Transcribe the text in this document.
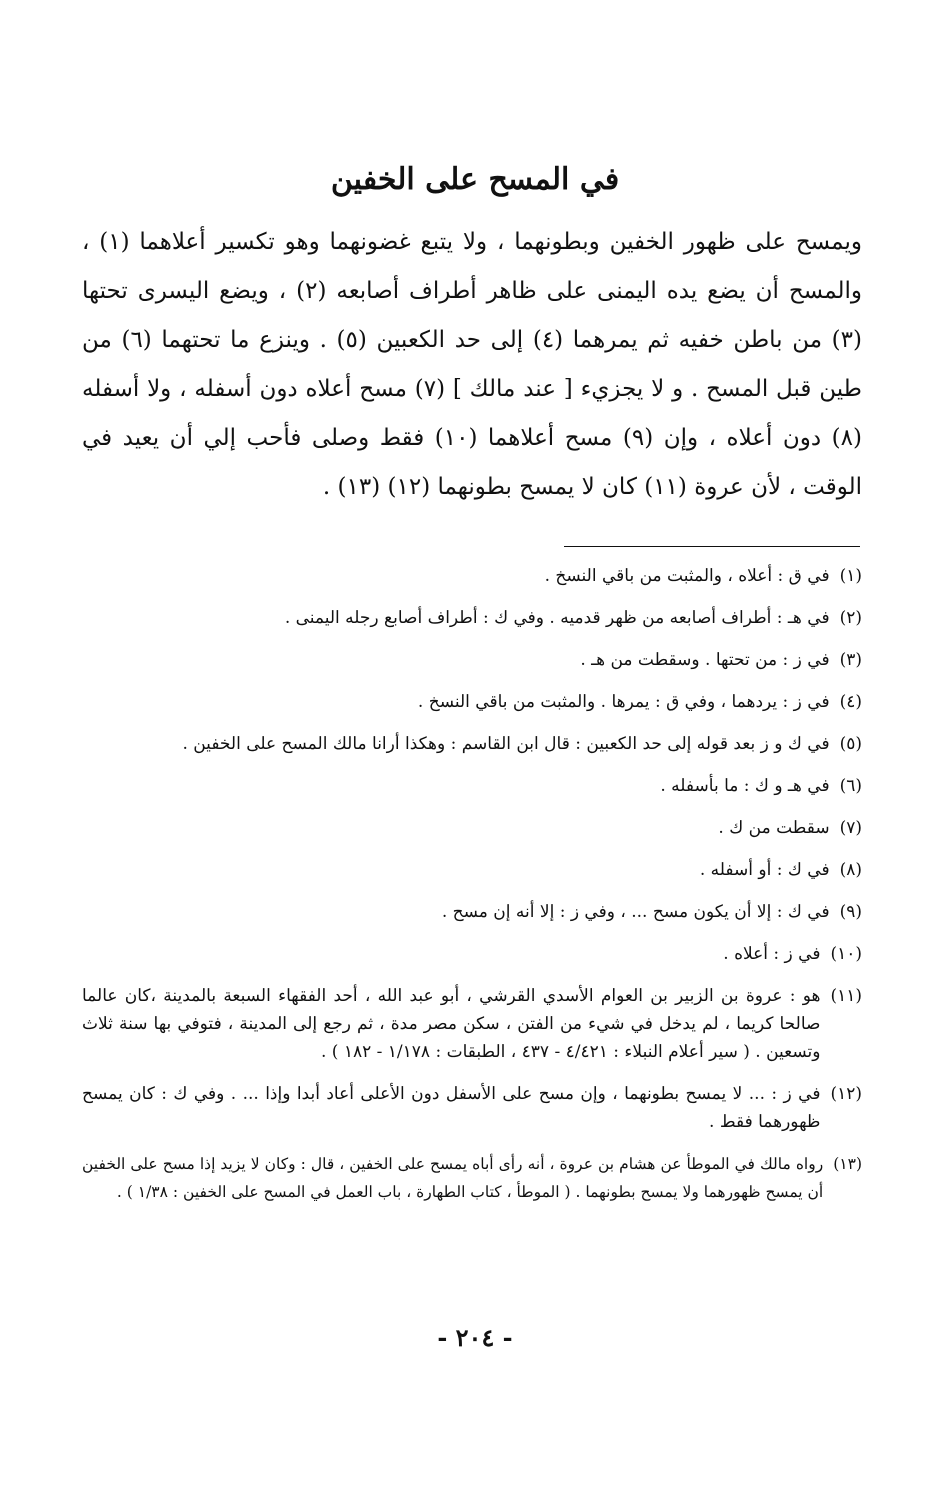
في المسح على الخفين

ويمسح على ظهور الخفين وبطونهما ، ولا يتبع غضونهما وهو تكسير أعلاهما (١) ، والمسح أن يضع يده اليمنى على ظاهر أطراف أصابعه (٢) ، ويضع اليسرى تحتها (٣) من باطن خفيه ثم يمرهما (٤) إلى حد الكعبين (٥) . وينزع ما تحتهما (٦) من طين قبل المسح . و لا يجزيء [ عند مالك ] (٧) مسح أعلاه دون أسفله ، ولا أسفله (٨) دون أعلاه ، وإن (٩) مسح أعلاهما (١٠) فقط وصلى فأحب إلي أن يعيد في الوقت ، لأن عروة (١١) كان لا يمسح بطونهما (١٢) (١٣) .

(١)
في ق : أعلاه ، والمثبت من باقي النسخ .
(٢)
في هـ : أطراف أصابعه من ظهر قدميه . وفي ك : أطراف أصابع رجله اليمنى .
(٣)
في ز : من تحتها . وسقطت من هـ .
(٤)
في ز : يردهما ، وفي ق : يمرها . والمثبت من باقي النسخ .
(٥)
في ك و ز بعد قوله إلى حد الكعبين : قال ابن القاسم : وهكذا أرانا مالك المسح على الخفين .
(٦)
في هـ و ك : ما بأسفله .
(٧)
سقطت من ك .
(٨)
في ك : أو أسفله .
(٩)
في ك : إلا أن يكون مسح ... ، وفي ز : إلا أنه إن مسح .
(١٠)
في ز : أعلاه .
(١١)
هو : عروة بن الزبير بن العوام الأسدي القرشي ، أبو عبد الله ، أحد الفقهاء السبعة بالمدينة ،كان عالما صالحا كريما ، لم يدخل في شيء من الفتن ، سكن مصر مدة ، ثم رجع إلى المدينة ، فتوفي بها سنة ثلاث وتسعين . ( سير أعلام النبلاء : ٤/٤٢١ - ٤٣٧ ، الطبقات : ١/١٧٨ - ١٨٢ ) .
(١٢)
في ز : ... لا يمسح بطونهما ، وإن مسح على الأسفل دون الأعلى أعاد أبدا وإذا ... . وفي ك : كان يمسح ظهورهما فقط .
(١٣)
رواه مالك في الموطأ عن هشام بن عروة ، أنه رأى أباه يمسح على الخفين ، قال : وكان لا يزيد إذا مسح على الخفين أن يمسح ظهورهما ولا يمسح بطونهما . ( الموطأ ، كتاب الطهارة ، باب العمل في المسح على الخفين : ١/٣٨ ) .
- ٢٠٤ -
